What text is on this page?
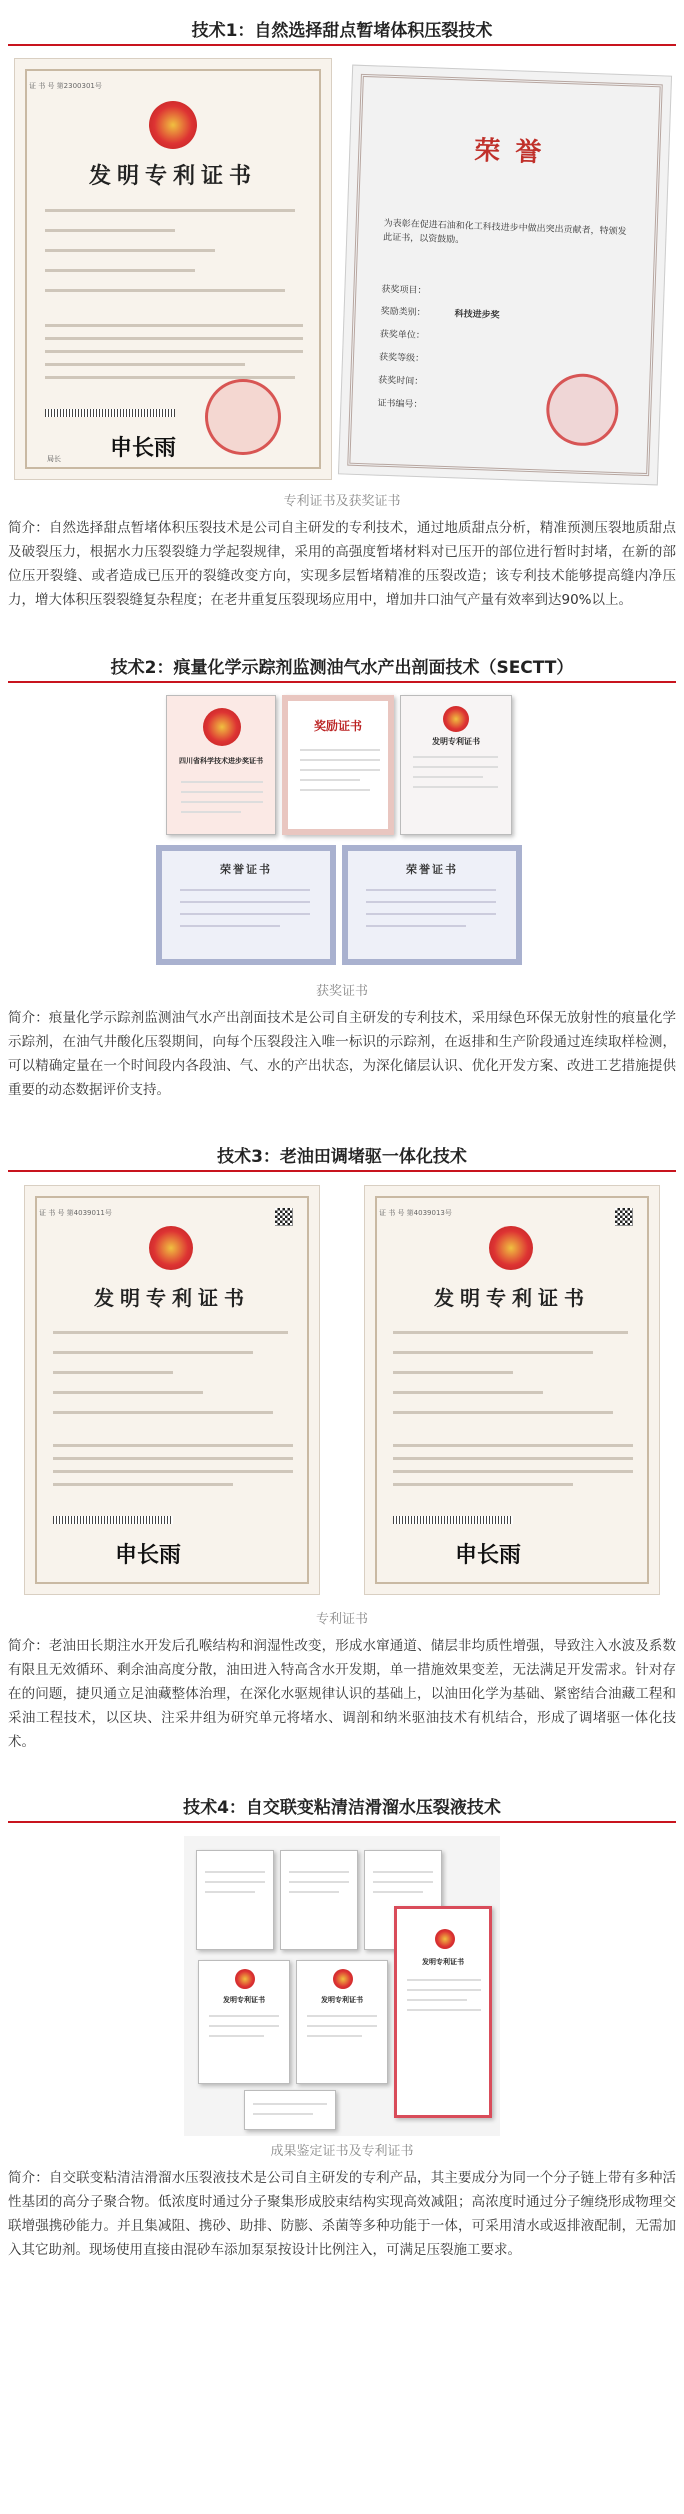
技术1：自然选择甜点暂堵体积压裂技术
证 书 号 第2300301号
发明专利证书
申长雨
局长
荣 誉
为表彰在促进石油和化工科技进步中做出突出贡献者，特颁发此证书，以资鼓励。
获奖项目：
奖励类别：	科技进步奖
获奖单位：
获奖等级：
获奖时间：
证书编号：
专利证书及获奖证书
简介：自然选择甜点暂堵体积压裂技术是公司自主研发的专利技术，通过地质甜点分析，精准预测压裂地质甜点及破裂压力，根据水力压裂裂缝力学起裂规律，采用的高强度暂堵材料对已压开的部位进行暂时封堵，在新的部位压开裂缝、或者造成已压开的裂缝改变方向，实现多层暂堵精准的压裂改造；该专利技术能够提高缝内净压力，增大体积压裂裂缝复杂程度；在老井重复压裂现场应用中，增加井口油气产量有效率到达90%以上。
技术2：痕量化学示踪剂监测油气水产出剖面技术（SECTT）
四川省科学技术进步奖证书
奖励证书
发明专利证书
荣誉证书	荣誉证书
获奖证书
简介：痕量化学示踪剂监测油气水产出剖面技术是公司自主研发的专利技术，采用绿色环保无放射性的痕量化学示踪剂，在油气井酸化压裂期间，向每个压裂段注入唯一标识的示踪剂，在返排和生产阶段通过连续取样检测，可以精确定量在一个时间段内各段油、气、水的产出状态，为深化储层认识、优化开发方案、改进工艺措施提供重要的动态数据评价支持。
技术3：老油田调堵驱一体化技术
证 书 号 第4039011号
发明专利证书
申长雨
证 书 号 第4039013号
发明专利证书
申长雨
专利证书
简介：老油田长期注水开发后孔喉结构和润湿性改变，形成水窜通道、储层非均质性增强，导致注入水波及系数有限且无效循环、剩余油高度分散，油田进入特高含水开发期，单一措施效果变差，无法满足开发需求。针对存在的问题，捷贝通立足油藏整体治理，在深化水驱规律认识的基础上，以油田化学为基础、紧密结合油藏工程和采油工程技术，以区块、注采井组为研究单元将堵水、调剖和纳米驱油技术有机结合，形成了调堵驱一体化技术。
技术4：自交联变粘清洁滑溜水压裂液技术
发明专利证书	发明专利证书
发明专利证书
成果鉴定证书及专利证书
简介：自交联变粘清洁滑溜水压裂液技术是公司自主研发的专利产品，其主要成分为同一个分子链上带有多种活性基团的高分子聚合物。低浓度时通过分子聚集形成胶束结构实现高效减阻；高浓度时通过分子缠绕形成物理交联增强携砂能力。并且集减阻、携砂、助排、防膨、杀菌等多种功能于一体，可采用清水或返排液配制，无需加入其它助剂。现场使用直接由混砂车添加泵泵按设计比例注入，可满足压裂施工要求。
